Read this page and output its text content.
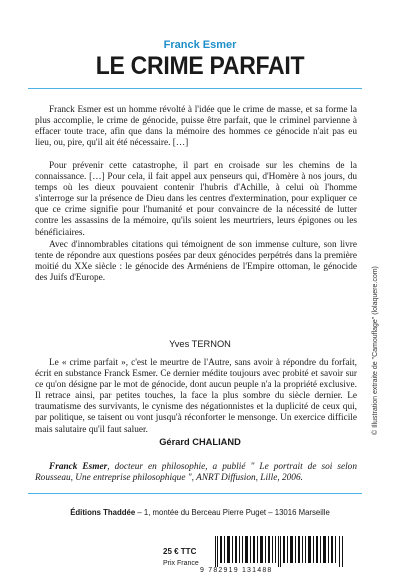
Franck Esmer
LE CRIME PARFAIT

Franck Esmer est un homme révolté à l'idée que le crime de masse, et sa forme la plus accomplie, le crime de génocide, puisse être parfait, que le criminel parvienne à effacer toute trace, afin que dans la mémoire des hommes ce génocide n'ait pas eu lieu, ou, pire, qu'il ait été nécessaire. […]

Pour prévenir cette catastrophe, il part en croisade sur les chemins de la connaissance. […] Pour cela, il fait appel aux penseurs qui, d'Homère à nos jours, du temps où les dieux pouvaient contenir l'hubris d'Achille, à celui où l'homme s'interroge sur la présence de Dieu dans les centres d'extermination, pour expliquer ce que ce crime signifie pour l'humanité et pour convaincre de la nécessité de lutter contre les assassins de la mémoire, qu'ils soient les meurtriers, leurs épigones ou les bénéficiaires.

Avec d'innombrables citations qui témoignent de son immense culture, son livre tente de répondre aux questions posées par deux génocides perpétrés dans la première moitié du XXe siècle : le génocide des Arméniens de l'Empire ottoman, le génocide des Juifs d'Europe.

Yves TERNON

Le « crime parfait », c'est le meurtre de l'Autre, sans avoir à répondre du forfait, écrit en substance Franck Esmer. Ce dernier médite toujours avec probité et savoir sur ce qu'on désigne par le mot de génocide, dont aucun peuple n'a la propriété exclusive. Il retrace ainsi, par petites touches, la face la plus sombre du siècle dernier. Le traumatisme des survivants, le cynisme des négationnistes et la duplicité de ceux qui, par politique, se taisent ou vont jusqu'à réconforter le mensonge. Un exercice difficile mais salutaire qu'il faut saluer.

Gérard CHALIAND
Franck Esmer, docteur en philosophie, a publié " Le portrait de soi selon Rousseau, Une entreprise philosophique ", ANRT Diffusion, Lille, 2006.
Éditions Thaddée – 1, montée du Berceau Pierre Puget – 13016 Marseille
25 € TTC
Prix France
9 782919 131488
© Illustration extraite de "Camouflage" (lolaquere.com)
